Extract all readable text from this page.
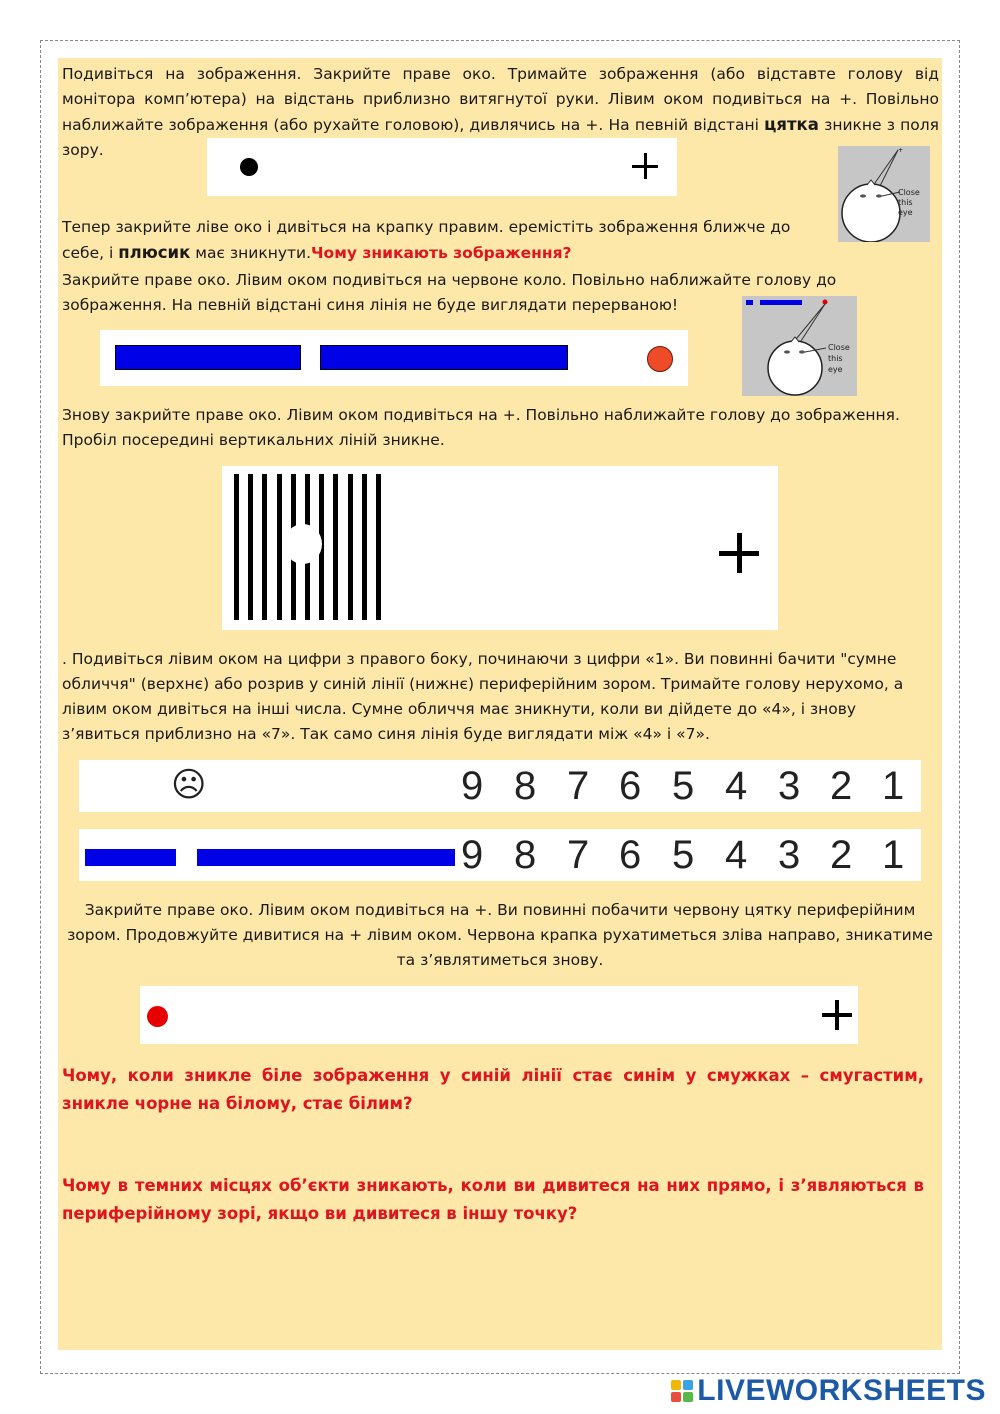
Подивіться на зображення. Закрийте праве око. Тримайте зображення (або відставте голову від монітора комп’ютера) на відстань приблизно витягнутої руки. Лівим оком подивіться на +. Повільно наближайте зображення (або рухайте головою), дивлячись на +. На певній відстані цятка зникне з поля зору.	+
Close this eye
Тепер закрийте ліве око і дивіться на крапку правим. еремістіть зображення ближче до себе, і плюсик має зникнути.Чому зникають зображення?
Закрийте праве око. Лівим оком подивіться на червоне коло. Повільно наближайте голову до зображення. На певній відстані синя лінія не буде виглядати перерваною!
Close this eye
Знову закрийте праве око. Лівим оком подивіться на +. Повільно наближайте голову до зображення. Пробіл посередині вертикальних ліній зникне.
. Подивіться лівим оком на цифри з правого боку, починаючи з цифри «1». Ви повинні бачити "сумне обличчя" (верхнє) або розрив у синій лінії (нижнє) периферійним зором. Тримайте голову нерухомо, а лівим оком дивіться на інші числа. Сумне обличчя має зникнути, коли ви дійдете до «4», і знову з’явиться приблизно на «7». Так само синя лінія буде виглядати між «4» і «7».
☹	9 8 7 6 5 4 3 2 1
9 8 7 6 5 4 3 2 1
Закрийте праве око. Лівим оком подивіться на +. Ви повинні побачити червону цятку периферійним зором. Продовжуйте дивитися на + лівим оком. Червона крапка рухатиметься зліва направо, зникатиме та з’являтиметься знову.
Чому, коли зникле біле зображення у синій лінії стає синім у смужках – смугастим, зникле чорне на білому, стає білим?
Чому в темних місцях об’єкти зникають, коли ви дивитеся на них прямо, і з’являються в периферійному зорі, якщо ви дивитеся в іншу точку?
LIVEWORKSHEETS
